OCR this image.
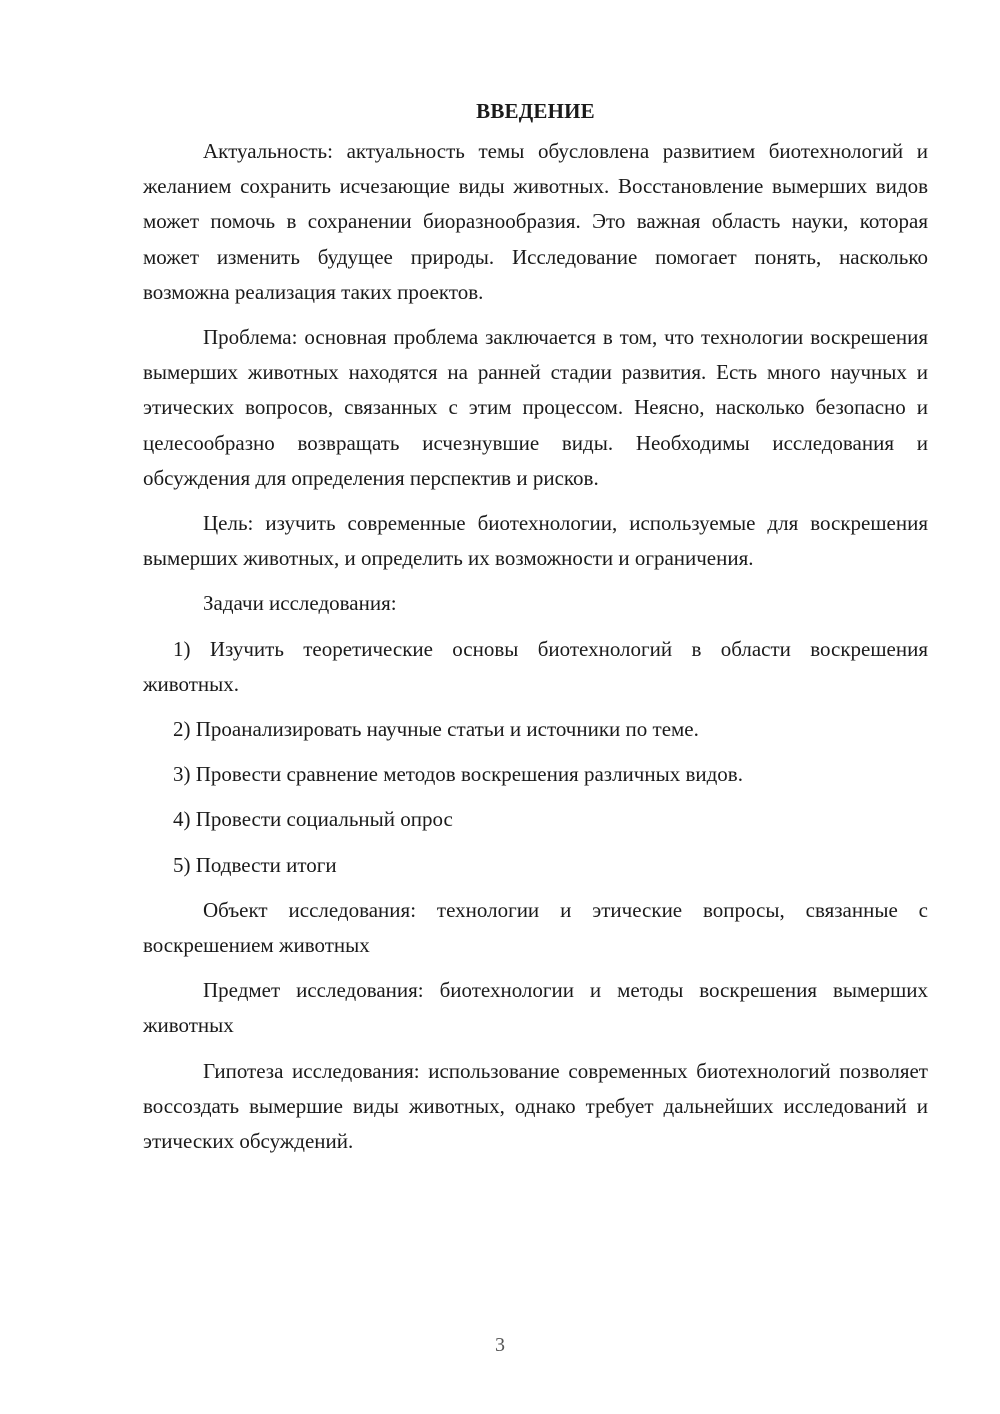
ВВЕДЕНИЕ

Актуальность: актуальность темы обусловлена развитием биотехнологий и желанием сохранить исчезающие виды животных. Восстановление вымерших видов может помочь в сохранении биоразнообразия. Это важная область науки, которая может изменить будущее природы. Исследование помогает понять, насколько возможна реализация таких проектов.

Проблема: основная проблема заключается в том, что технологии воскрешения вымерших животных находятся на ранней стадии развития. Есть много научных и этических вопросов, связанных с этим процессом. Неясно, насколько безопасно и целесообразно возвращать исчезнувшие виды. Необходимы исследования и обсуждения для определения перспектив и рисков.

Цель: изучить современные биотехнологии, используемые для воскрешения вымерших животных, и определить их возможности и ограничения.

Задачи исследования:

1) Изучить теоретические основы биотехнологий в области воскрешения животных.

2) Проанализировать научные статьи и источники по теме.

3) Провести сравнение методов воскрешения различных видов.

4) Провести социальный опрос

5) Подвести итоги

Объект исследования: технологии и этические вопросы, связанные с воскрешением животных

Предмет исследования: биотехнологии и методы воскрешения вымерших животных

Гипотеза исследования: использование современных биотехнологий позволяет воссоздать вымершие виды животных, однако требует дальнейших исследований и этических обсуждений.

3
